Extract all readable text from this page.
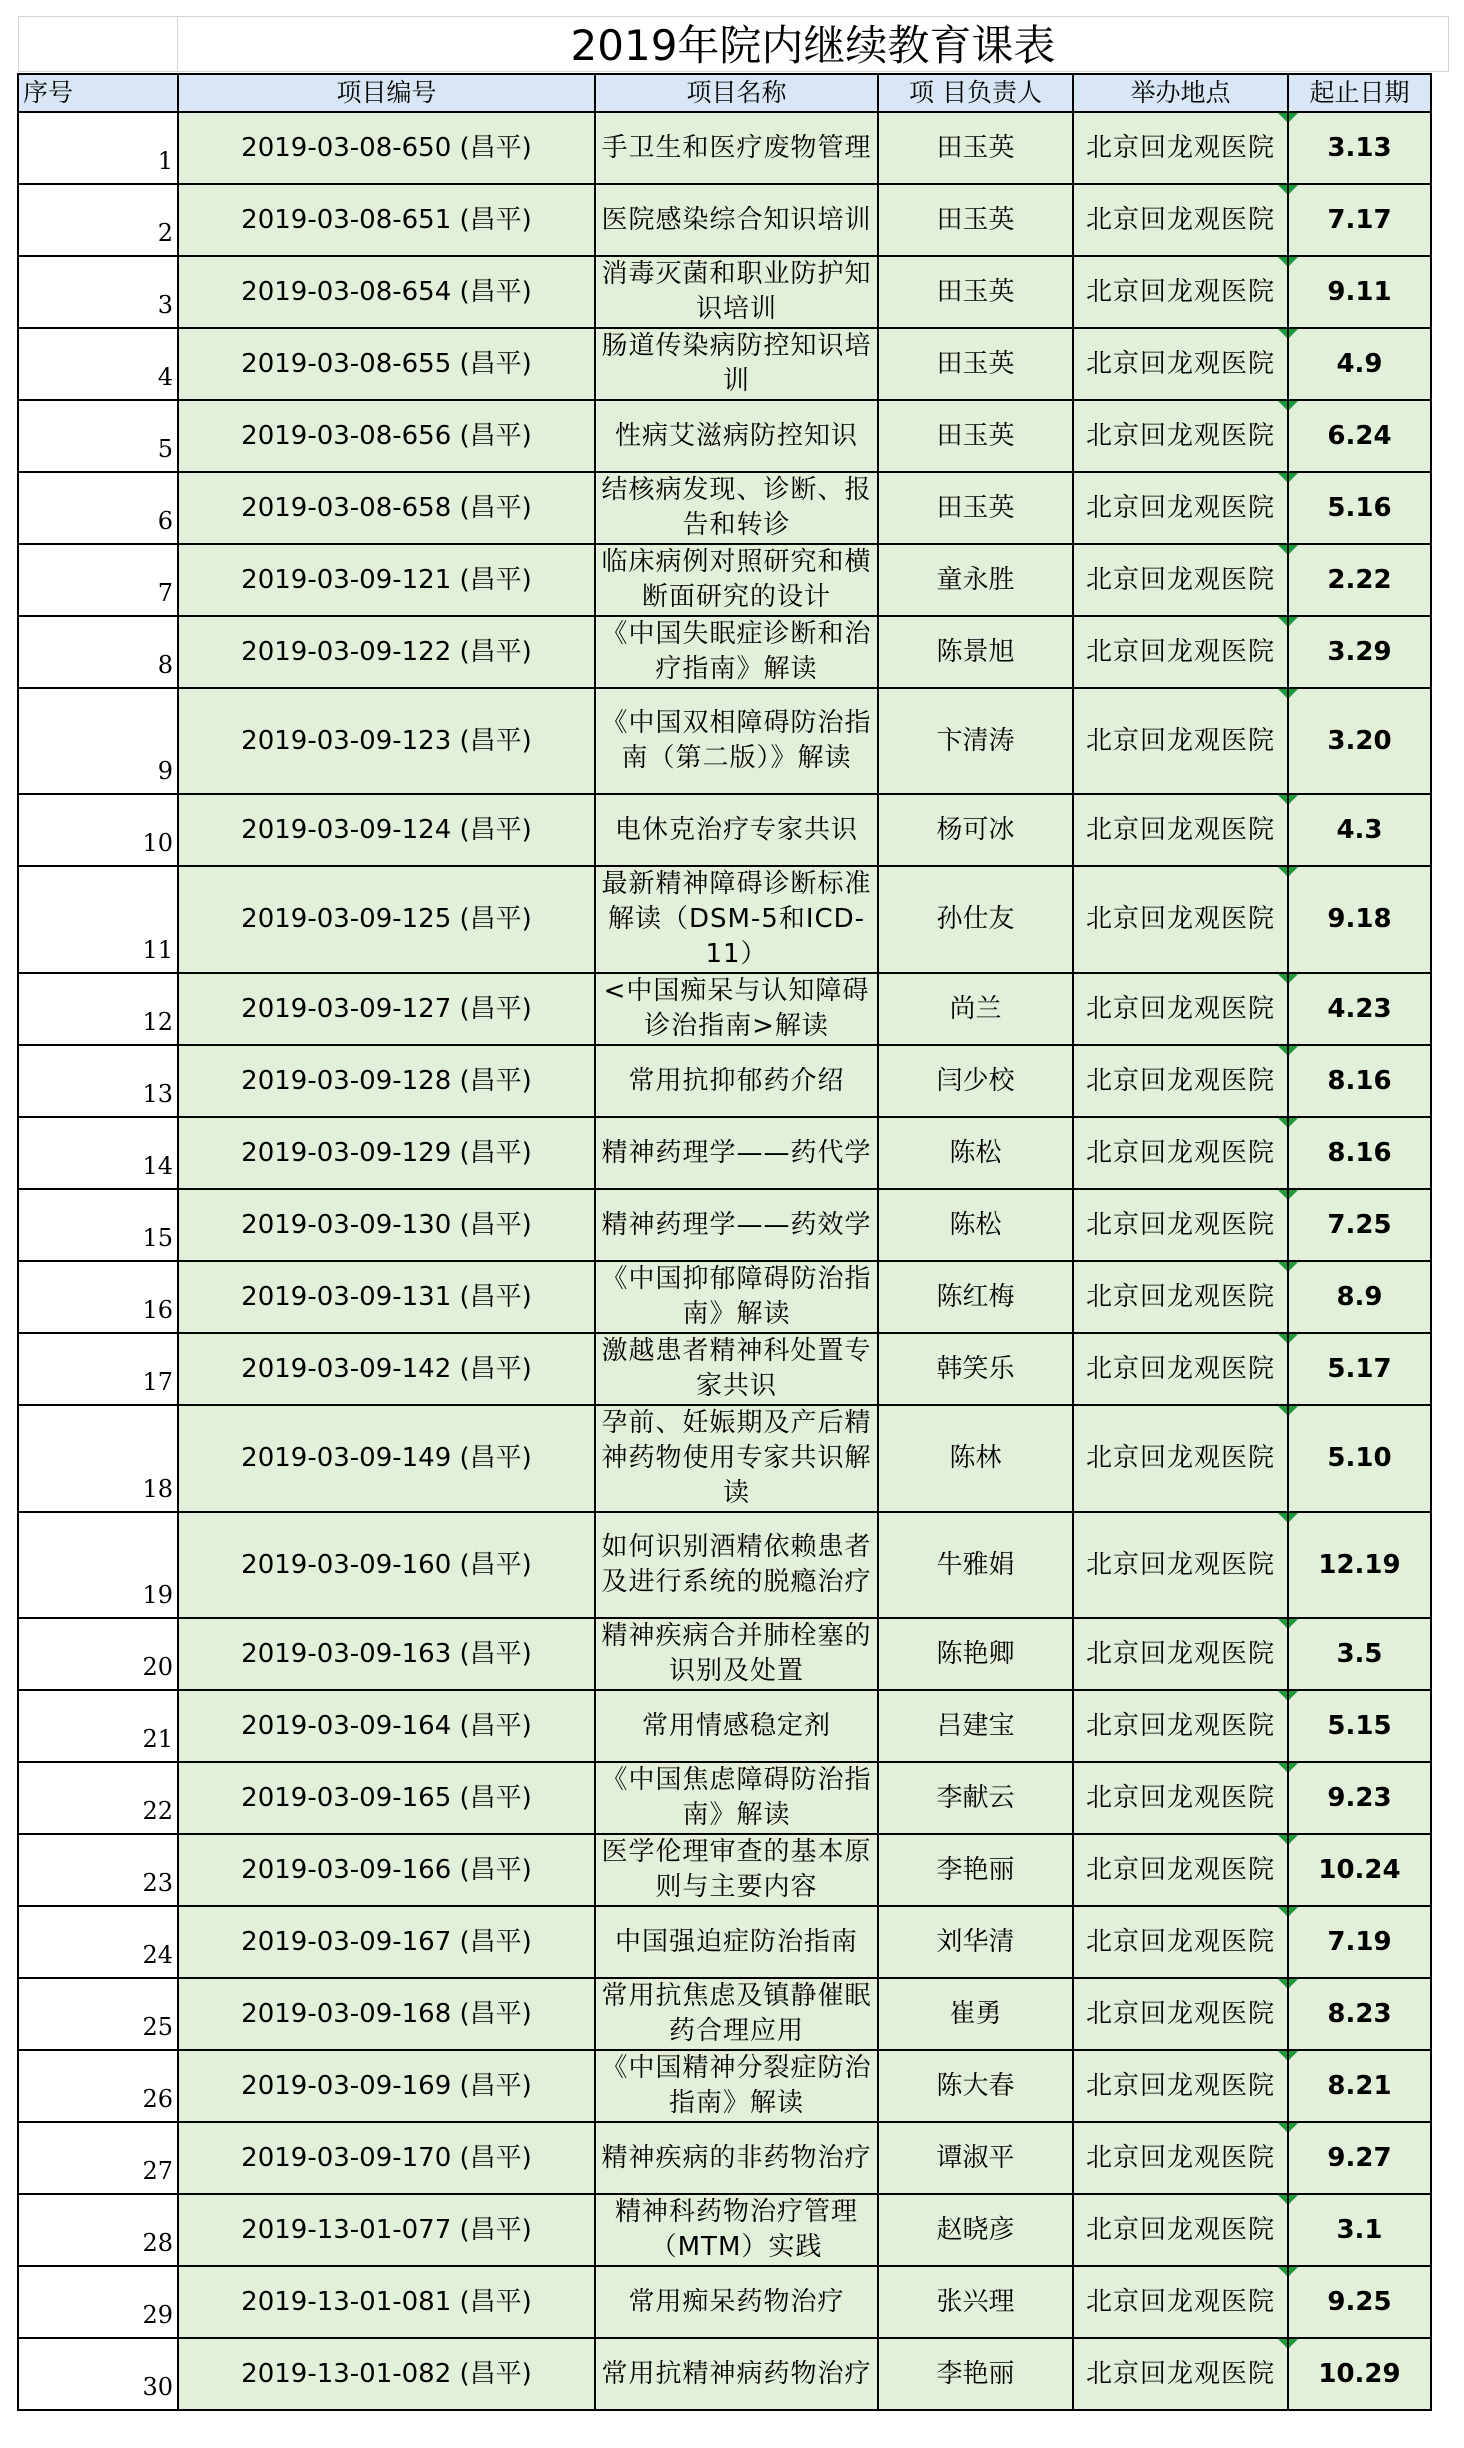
2019年院内继续教育课表
序号	项目编号	项目名称	项 目负责人	举办地点	起止日期
1	2019-03-08-650 (昌平)	手卫生和医疗废物管理	田玉英	北京回龙观医院	3.13
2	2019-03-08-651 (昌平)	医院感染综合知识培训	田玉英	北京回龙观医院	7.17
3	2019-03-08-654 (昌平)	消毒灭菌和职业防护知识培训	田玉英	北京回龙观医院	9.11
4	2019-03-08-655 (昌平)	肠道传染病防控知识培训	田玉英	北京回龙观医院	4.9
5	2019-03-08-656 (昌平)	性病艾滋病防控知识	田玉英	北京回龙观医院	6.24
6	2019-03-08-658 (昌平)	结核病发现、诊断、报告和转诊	田玉英	北京回龙观医院	5.16
7	2019-03-09-121 (昌平)	临床病例对照研究和横断面研究的设计	童永胜	北京回龙观医院	2.22
8	2019-03-09-122 (昌平)	《中国失眠症诊断和治疗指南》解读	陈景旭	北京回龙观医院	3.29
9	2019-03-09-123 (昌平)	《中国双相障碍防治指南（第二版）》解读	卞清涛	北京回龙观医院	3.20
10	2019-03-09-124 (昌平)	电休克治疗专家共识	杨可冰	北京回龙观医院	4.3
11	2019-03-09-125 (昌平)	最新精神障碍诊断标准解读（DSM-5和ICD-11）	孙仕友	北京回龙观医院	9.18
12	2019-03-09-127 (昌平)	<中国痴呆与认知障碍诊治指南>解读	尚兰	北京回龙观医院	4.23
13	2019-03-09-128 (昌平)	常用抗抑郁药介绍	闫少校	北京回龙观医院	8.16
14	2019-03-09-129 (昌平)	精神药理学——药代学	陈松	北京回龙观医院	8.16
15	2019-03-09-130 (昌平)	精神药理学——药效学	陈松	北京回龙观医院	7.25
16	2019-03-09-131 (昌平)	《中国抑郁障碍防治指南》解读	陈红梅	北京回龙观医院	8.9
17	2019-03-09-142 (昌平)	激越患者精神科处置专家共识	韩笑乐	北京回龙观医院	5.17
18	2019-03-09-149 (昌平)	孕前、妊娠期及产后精神药物使用专家共识解读	陈林	北京回龙观医院	5.10
19	2019-03-09-160 (昌平)	如何识别酒精依赖患者及进行系统的脱瘾治疗	牛雅娟	北京回龙观医院	12.19
20	2019-03-09-163 (昌平)	精神疾病合并肺栓塞的识别及处置	陈艳卿	北京回龙观医院	3.5
21	2019-03-09-164 (昌平)	常用情感稳定剂	吕建宝	北京回龙观医院	5.15
22	2019-03-09-165 (昌平)	《中国焦虑障碍防治指南》解读	李献云	北京回龙观医院	9.23
23	2019-03-09-166 (昌平)	医学伦理审查的基本原则与主要内容	李艳丽	北京回龙观医院	10.24
24	2019-03-09-167 (昌平)	中国强迫症防治指南	刘华清	北京回龙观医院	7.19
25	2019-03-09-168 (昌平)	常用抗焦虑及镇静催眠药合理应用	崔勇	北京回龙观医院	8.23
26	2019-03-09-169 (昌平)	《中国精神分裂症防治指南》解读	陈大春	北京回龙观医院	8.21
27	2019-03-09-170 (昌平)	精神疾病的非药物治疗	谭淑平	北京回龙观医院	9.27
28	2019-13-01-077 (昌平)	精神科药物治疗管理（MTM）实践	赵晓彦	北京回龙观医院	3.1
29	2019-13-01-081 (昌平)	常用痴呆药物治疗	张兴理	北京回龙观医院	9.25
30	2019-13-01-082 (昌平)	常用抗精神病药物治疗	李艳丽	北京回龙观医院	10.29
